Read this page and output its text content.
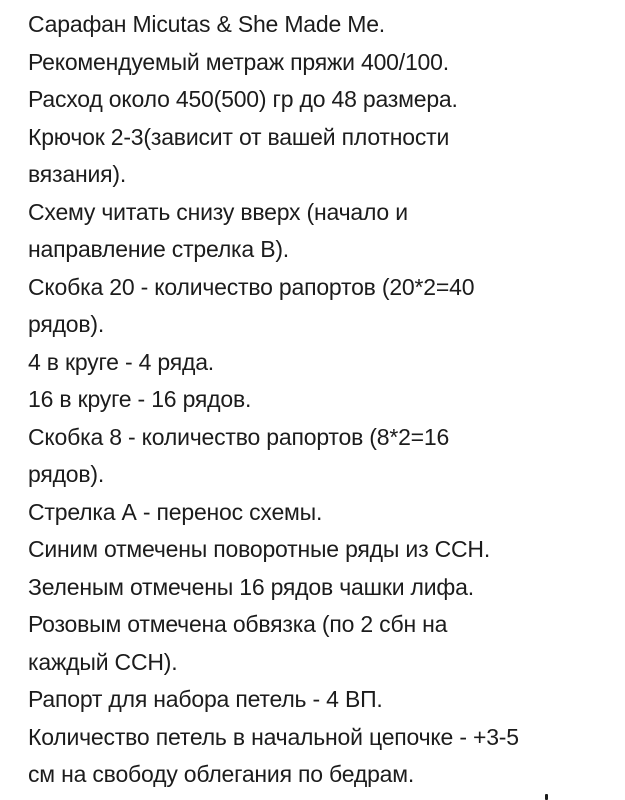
Сарафан Micutas & She Made Me.
Рекомендуемый метраж пряжи 400/100.
Расход около 450(500) гр до 48 размера.
Крючок 2-3(зависит от вашей плотности
вязания).
Схему читать снизу вверх (начало и
направление стрелка В).
Скобка 20 - количество рапортов (20*2=40
рядов).
4 в круге - 4 ряда.
16 в круге - 16 рядов.
Скобка 8 - количество рапортов (8*2=16
рядов).
Стрелка А - перенос схемы.
Синим отмечены поворотные ряды из ССН.
Зеленым отмечены 16 рядов чашки лифа.
Розовым отмечена обвязка (по 2 сбн на
каждый ССН).
Рапорт для набора петель - 4 ВП.
Количество петель в начальной цепочке - +3-5
см на свободу облегания по бедрам.
